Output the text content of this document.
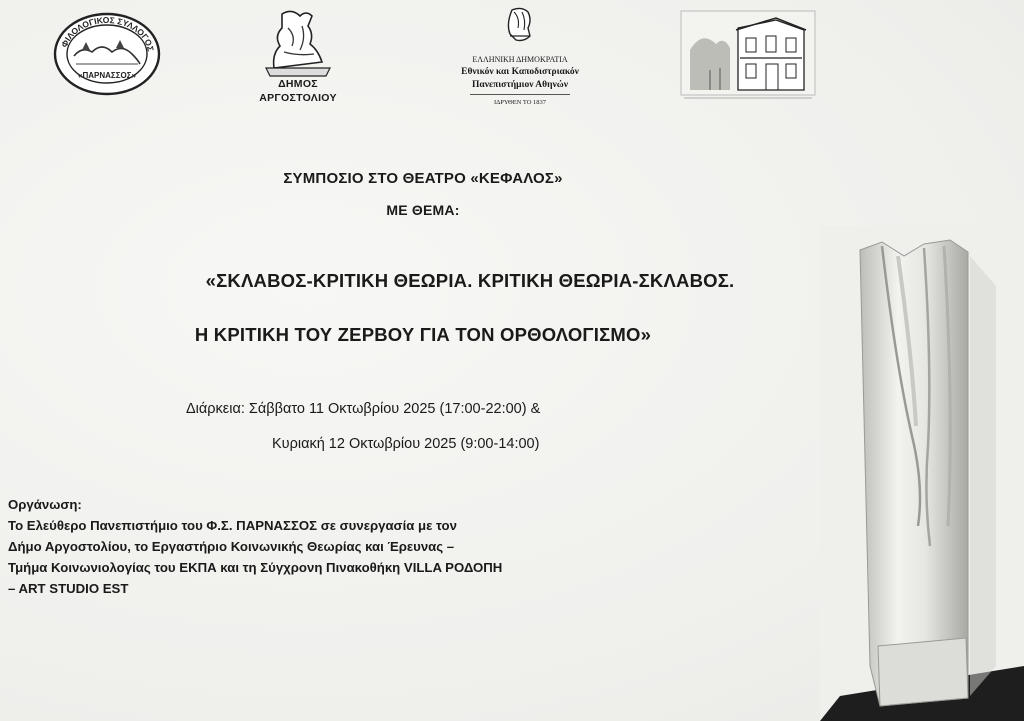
ΦΙΛΟΛΟΓΙΚΟΣ ΣΥΛΛΟΓΟΣ
«ΠΑΡΝΑΣΣΟΣ»
ΔΗΜΟΣ
ΑΡΓΟΣΤΟΛΙΟΥ
ΕΛΛΗΝΙΚΗ ΔΗΜΟΚΡΑΤΙΑ
Εθνικόν και Καποδιστριακόν
Πανεπιστήμιον Αθηνών
ΙΔΡΥΘΕΝ ΤΟ 1837
ΣΥΜΠΟΣΙΟ ΣΤΟ ΘΕΑΤΡΟ «ΚΕΦΑΛΟΣ»
ΜΕ ΘΕΜΑ:
«ΣΚΛΑΒΟΣ-ΚΡΙΤΙΚΗ ΘΕΩΡΙΑ. ΚΡΙΤΙΚΗ ΘΕΩΡΙΑ-ΣΚΛΑΒΟΣ.
Η ΚΡΙΤΙΚΗ ΤΟΥ ΖΕΡΒΟΥ ΓΙΑ ΤΟΝ ΟΡΘΟΛΟΓΙΣΜΟ»
Διάρκεια: Σάββατο 11 Οκτωβρίου 2025 (17:00-22:00) &
Κυριακή 12 Οκτωβρίου 2025 (9:00-14:00)
Οργάνωση:
Το Ελεύθερο Πανεπιστήμιο του Φ.Σ. ΠΑΡΝΑΣΣΟΣ σε συνεργασία με τον
Δήμο Αργοστολίου, το Εργαστήριο Κοινωνικής Θεωρίας και Έρευνας –
Τμήμα Κοινωνιολογίας του ΕΚΠΑ και τη Σύγχρονη Πινακοθήκη VILLA ΡΟΔΟΠΗ
– ART STUDIO EST
